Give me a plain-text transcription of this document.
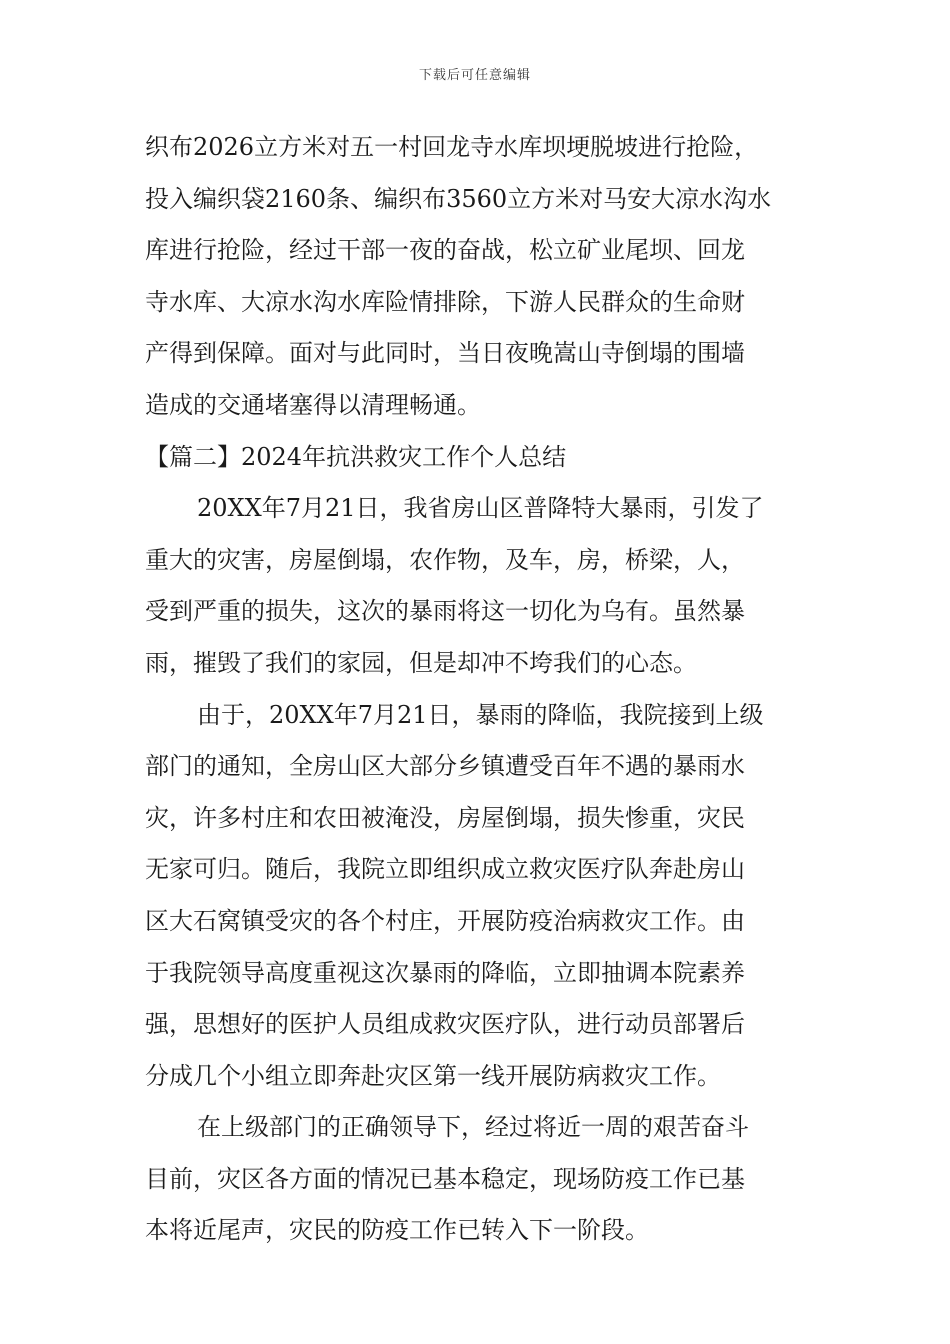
下载后可任意编辑
织布2026立方米对五一村回龙寺水库坝埂脱坡进行抢险，
投入编织袋2160条、编织布3560立方米对马安大凉水沟水
库进行抢险，经过干部一夜的奋战，松立矿业尾坝、回龙
寺水库、大凉水沟水库险情排除，下游人民群众的生命财
产得到保障。面对与此同时，当日夜晚嵩山寺倒塌的围墙
造成的交通堵塞得以清理畅通。
【篇二】2024年抗洪救灾工作个人总结
20XX年7月21日，我省房山区普降特大暴雨，引发了
重大的灾害，房屋倒塌，农作物，及车，房，桥梁，人，
受到严重的损失，这次的暴雨将这一切化为乌有。虽然暴
雨，摧毁了我们的家园，但是却冲不垮我们的心态。
由于，20XX年7月21日，暴雨的降临，我院接到上级
部门的通知，全房山区大部分乡镇遭受百年不遇的暴雨水
灾，许多村庄和农田被淹没，房屋倒塌，损失惨重，灾民
无家可归。随后，我院立即组织成立救灾医疗队奔赴房山
区大石窝镇受灾的各个村庄，开展防疫治病救灾工作。由
于我院领导高度重视这次暴雨的降临，立即抽调本院素养
强，思想好的医护人员组成救灾医疗队，进行动员部署后
分成几个小组立即奔赴灾区第一线开展防病救灾工作。
在上级部门的正确领导下，经过将近一周的艰苦奋斗
目前，灾区各方面的情况已基本稳定，现场防疫工作已基
本将近尾声，灾民的防疫工作已转入下一阶段。
